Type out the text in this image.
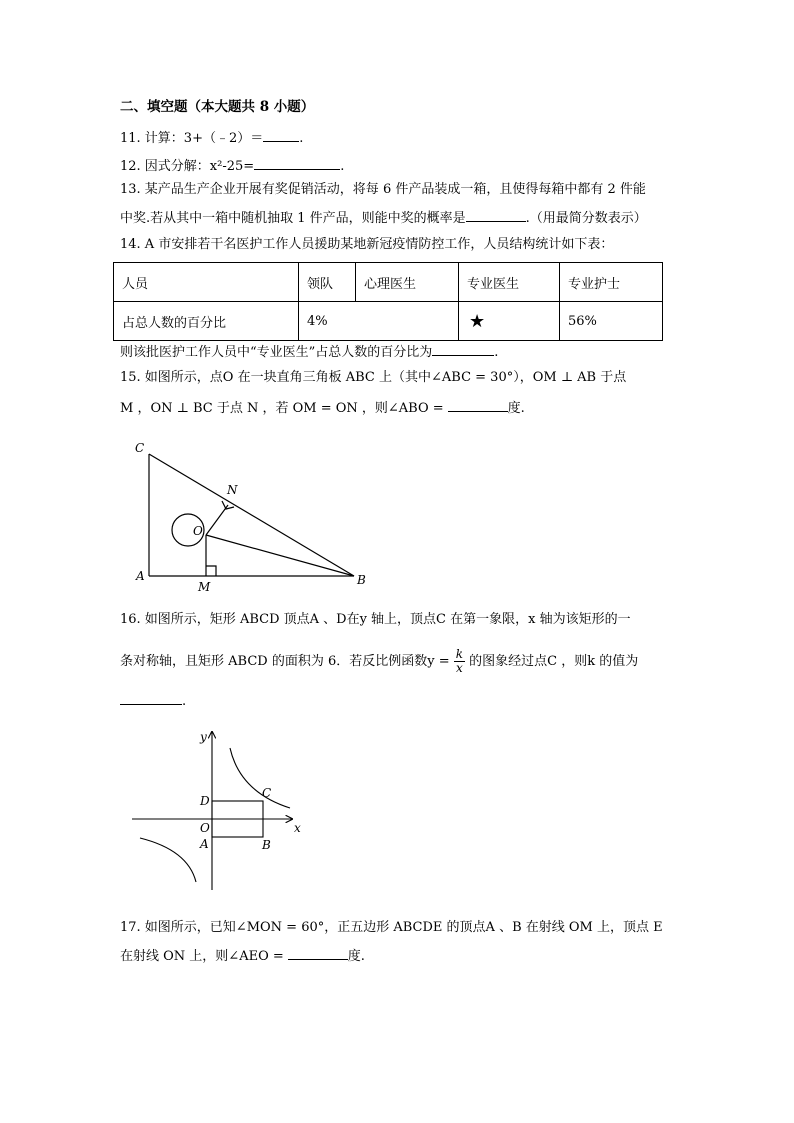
二、填空题（本大题共 8 小题）
11. 计算：3+（﹣2）＝	.
12. 因式分解：x²-25=	.
13. 某产品生产企业开展有奖促销活动，将每 6 件产品装成一箱，且使得每箱中都有 2 件能
中奖.若从其中一箱中随机抽取 1 件产品，则能中奖的概率是	.（用最简分数表示）
14. A 市安排若干名医护工作人员援助某地新冠疫情防控工作，人员结构统计如下表：
人员	领队	心理医生	专业医生	专业护士
占总人数的百分比	4%		★	56%
则该批医护工作人员中“专业医生”占总人数的百分比为	.
15. 如图所示，点O 在一块直角三角板 ABC 上（其中∠ABC = 30°），OM ⊥ AB 于点
M ，ON ⊥ BC 于点 N ，若 OM = ON ，则∠ABO =	度.
C
N
O
A
M	B
16. 如图所示，矩形 ABCD 顶点A 、D在y 轴上，顶点C 在第一象限，x 轴为该矩形的一
条对称轴，且矩形 ABCD 的面积为 6．若反比例函数$y = \frac{k}{x}$ 的图象经过点C ，则k 的值为
.
y
x
D
C
O
A	B
17. 如图所示，已知∠MON = 60°，正五边形 ABCDE 的顶点A 、B 在射线 OM 上，顶点 E
在射线 ON 上，则∠AEO =	度.
